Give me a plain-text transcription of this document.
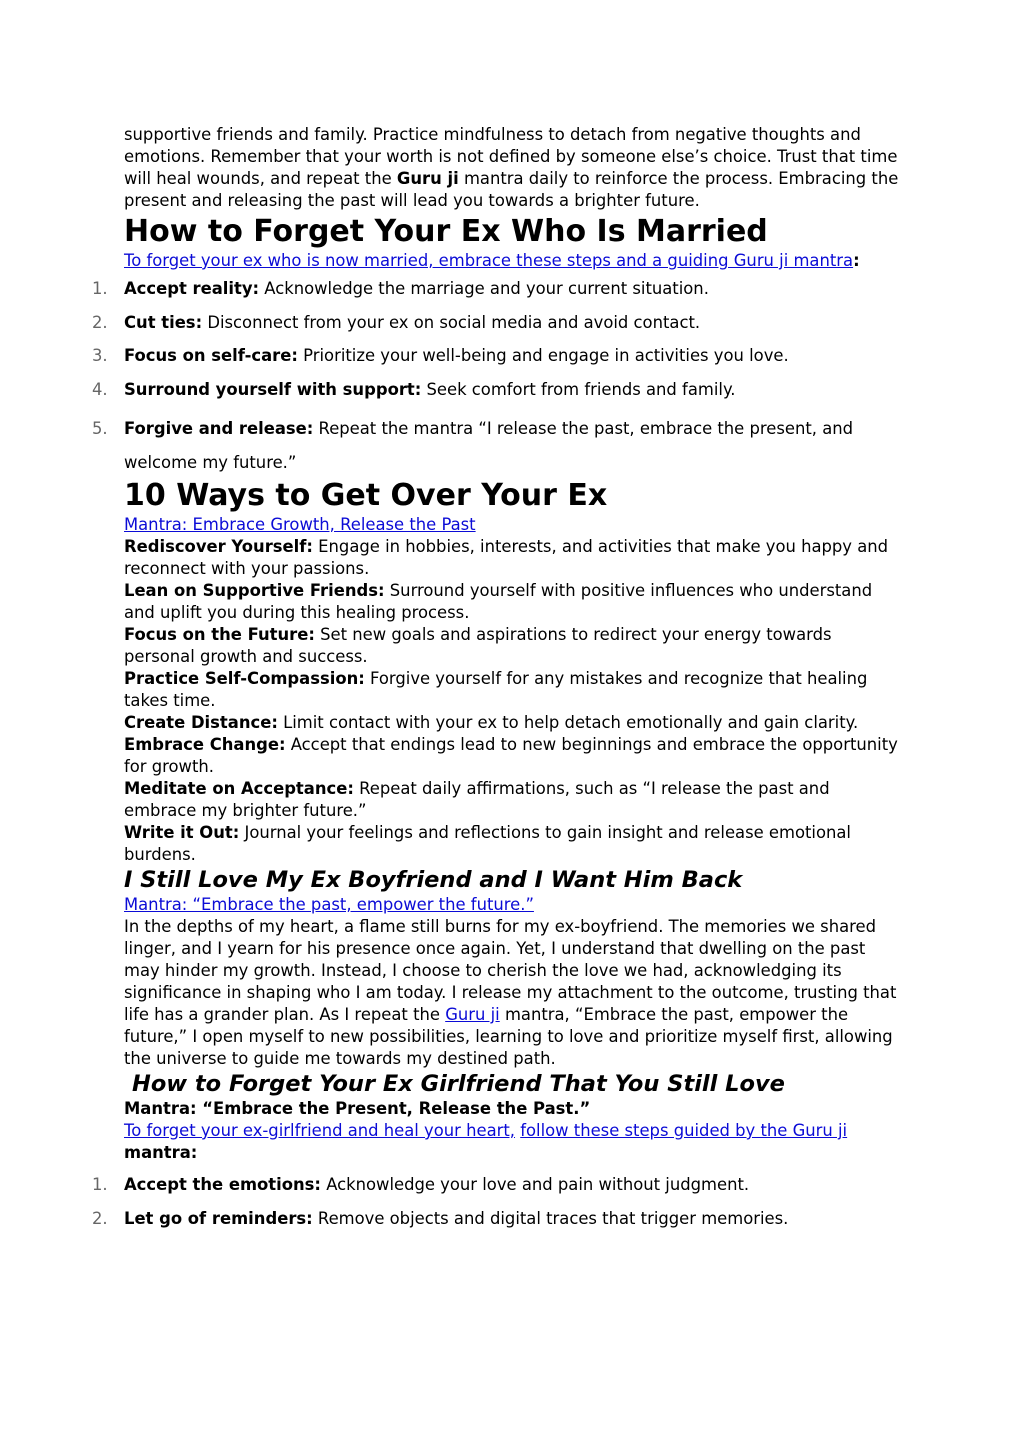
supportive friends and family. Practice mindfulness to detach from negative thoughts and emotions. Remember that your worth is not defined by someone else’s choice. Trust that time will heal wounds, and repeat the Guru ji mantra daily to reinforce the process. Embracing the present and releasing the past will lead you towards a brighter future.

How to Forget Your Ex Who Is Married

To forget your ex who is now married, embrace these steps and a guiding Guru ji mantra:

1. Accept reality: Acknowledge the marriage and your current situation.
2. Cut ties: Disconnect from your ex on social media and avoid contact.
3. Focus on self-care: Prioritize your well-being and engage in activities you love.
4. Surround yourself with support: Seek comfort from friends and family.
5. Forgive and release: Repeat the mantra “I release the past, embrace the present, and welcome my future.”
10 Ways to Get Over Your Ex

Mantra: Embrace Growth, Release the Past

Rediscover Yourself: Engage in hobbies, interests, and activities that make you happy and reconnect with your passions.

Lean on Supportive Friends: Surround yourself with positive influences who understand and uplift you during this healing process.

Focus on the Future: Set new goals and aspirations to redirect your energy towards personal growth and success.

Practice Self-Compassion: Forgive yourself for any mistakes and recognize that healing takes time.

Create Distance: Limit contact with your ex to help detach emotionally and gain clarity.

Embrace Change: Accept that endings lead to new beginnings and embrace the opportunity for growth.

Meditate on Acceptance: Repeat daily affirmations, such as “I release the past and embrace my brighter future.”

Write it Out: Journal your feelings and reflections to gain insight and release emotional burdens.

I Still Love My Ex Boyfriend and I Want Him Back

Mantra: “Embrace the past, empower the future.”

In the depths of my heart, a flame still burns for my ex-boyfriend. The memories we shared linger, and I yearn for his presence once again. Yet, I understand that dwelling on the past may hinder my growth. Instead, I choose to cherish the love we had, acknowledging its significance in shaping who I am today. I release my attachment to the outcome, trusting that life has a grander plan. As I repeat the Guru ji mantra, “Embrace the past, empower the future,” I open myself to new possibilities, learning to love and prioritize myself first, allowing the universe to guide me towards my destined path.

How to Forget Your Ex Girlfriend That You Still Love

Mantra: “Embrace the Present, Release the Past.”

To forget your ex-girlfriend and heal your heart, follow these steps guided by the Guru ji mantra:

1. Accept the emotions: Acknowledge your love and pain without judgment.
2. Let go of reminders: Remove objects and digital traces that trigger memories.
